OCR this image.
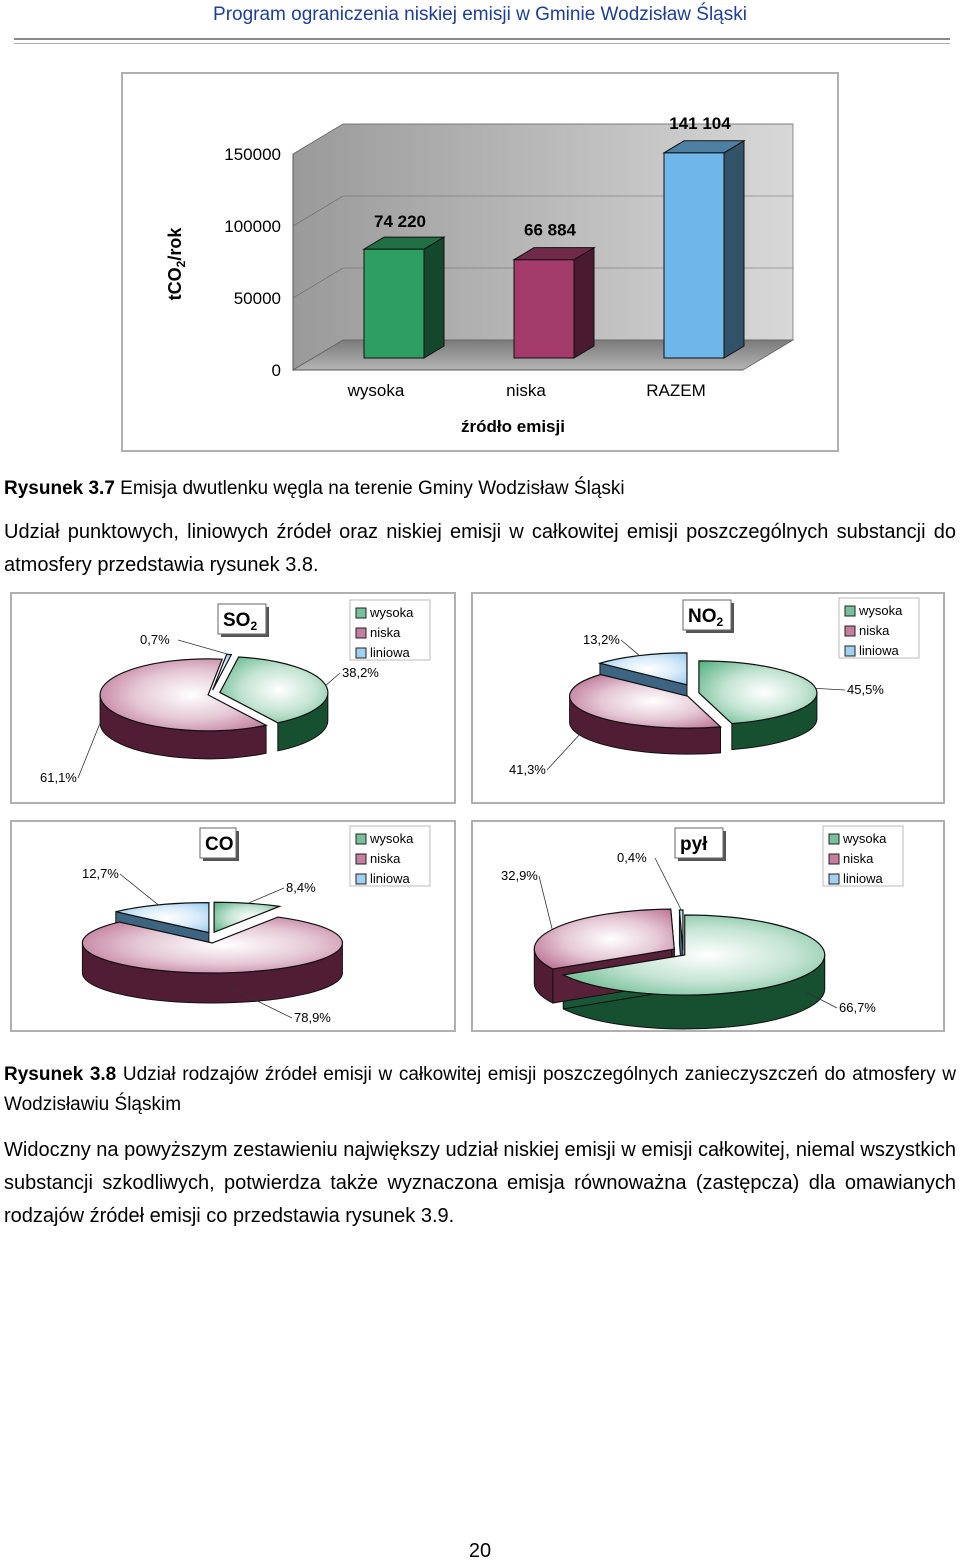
Program ograniczenia niskiej emisji w Gminie Wodzisław Śląski
0
50000
100000
150000
74 220
wysoka
66 884
niska
141 104
RAZEM
źródło emisji
tCO$_2$/rok
Rysunek 3.7 Emisja dwutlenku węgla na terenie Gminy Wodzisław Śląski
Udział punktowych, liniowych źródeł oraz niskiej emisji w całkowitej emisji poszczególnych substancji do atmosfery przedstawia rysunek 3.8.
38,2%
61,1%
0,7%
$SO_2$
wysoka
niska
liniowa
45,5%
41,3%
13,2%
$NO_2$
wysoka
niska
liniowa
8,4%
78,9%
12,7%
CO	wysoka
niska
liniowa
66,7%
32,9%
0,4%
pył	wysoka
niska
liniowa
Rysunek 3.8 Udział rodzajów źródeł emisji w całkowitej emisji poszczególnych zanieczyszczeń do atmosfery w Wodzisławiu Śląskim
Widoczny na powyższym zestawieniu największy udział niskiej emisji w emisji całkowitej, niemal wszystkich substancji szkodliwych, potwierdza także wyznaczona emisja równoważna (zastępcza) dla omawianych rodzajów źródeł emisji co przedstawia rysunek 3.9.
20
